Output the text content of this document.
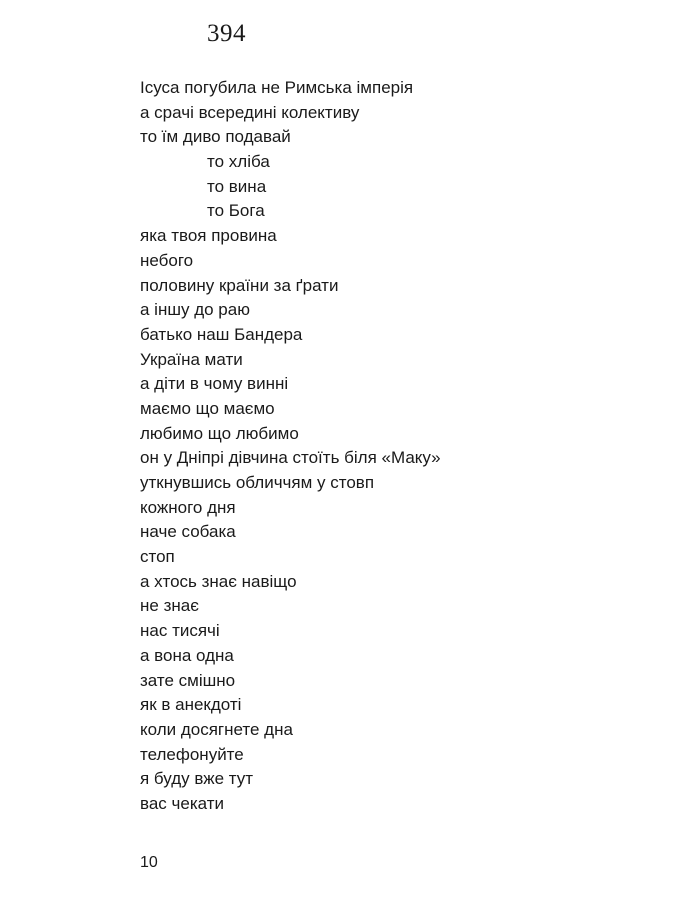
394
Ісуса погубила не Римська імперія
а срачі всередині колективу
то їм диво подавай
то хліба
то вина
то Бога
яка твоя провина
небого
половину країни за ґрати
а іншу до раю
батько наш Бандера
Україна мати
а діти в чому винні
маємо що маємо
любимо що любимо
он у Дніпрі дівчина стоїть біля «Маку»
уткнувшись обличчям у стовп
кожного дня
наче собака
стоп
а хтось знає навіщо
не знає
нас тисячі
а вона одна
зате смішно
як в анекдоті
коли досягнете дна
телефонуйте
я буду вже тут
вас чекати
10
